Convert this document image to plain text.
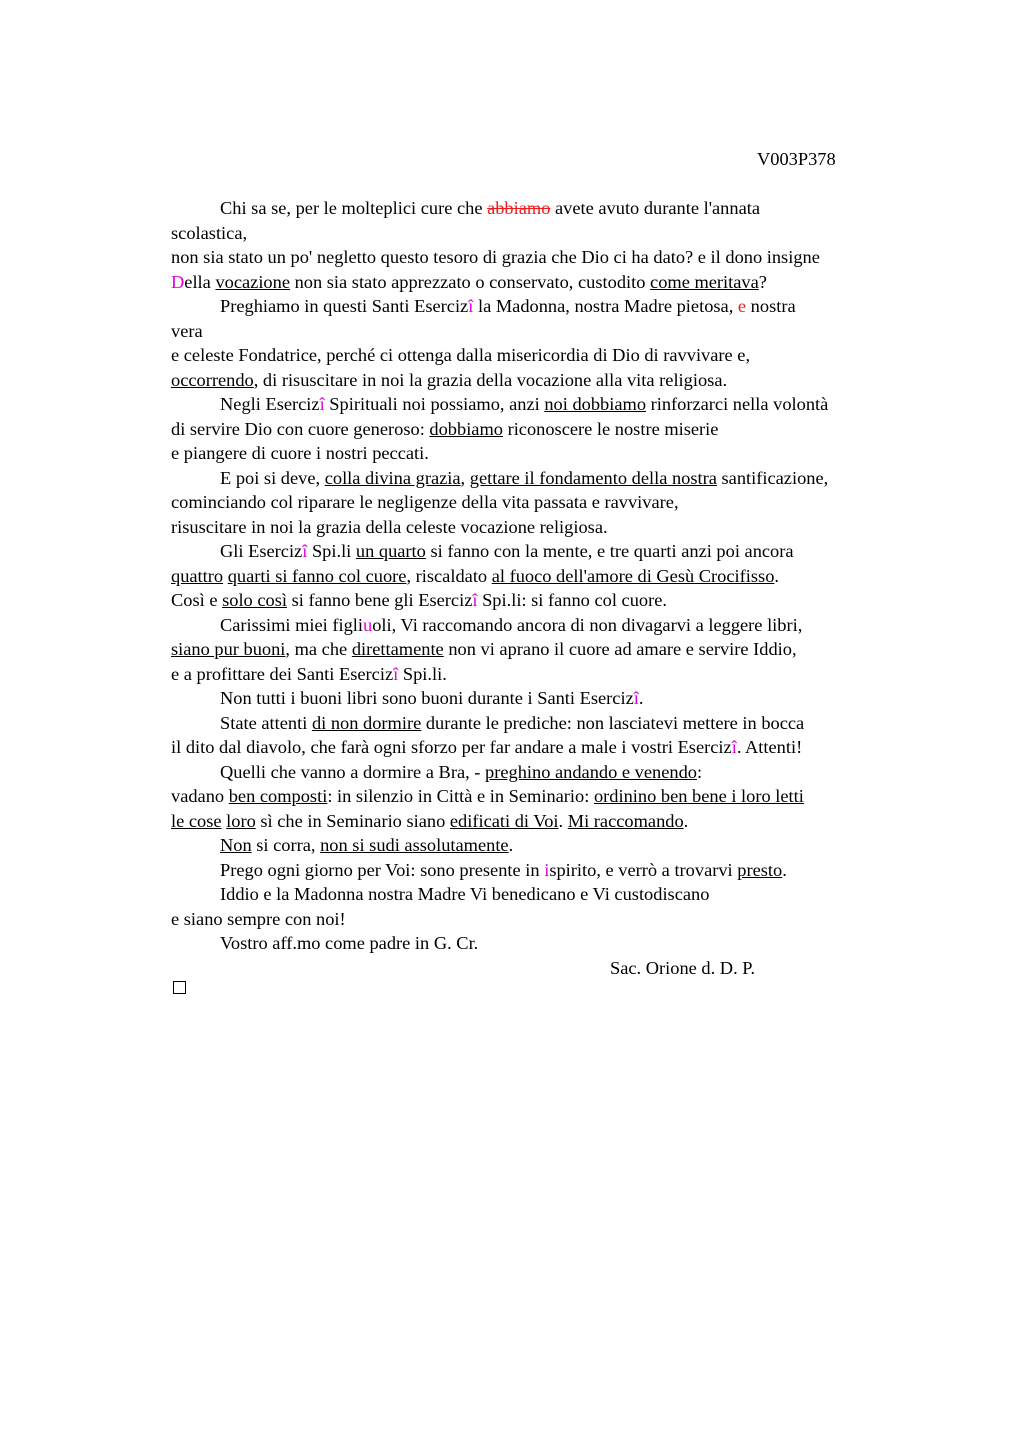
V003P378
Chi sa se, per le molteplici cure che abbiamo avete avuto durante l'annata
scolastica,
non sia stato un po' negletto questo tesoro di grazia che Dio ci ha dato? e il dono insigne
Della vocazione non sia stato apprezzato o conservato, custodito come meritava?
Preghiamo in questi Santi Esercizî la Madonna, nostra Madre pietosa, e nostra
vera
e celeste Fondatrice, perché ci ottenga dalla misericordia di Dio di ravvivare e,
occorrendo, di risuscitare in noi la grazia della vocazione alla vita religiosa.
Negli Esercizî Spirituali noi possiamo, anzi noi dobbiamo rinforzarci nella volontà
di servire Dio con cuore generoso: dobbiamo riconoscere le nostre miserie
e piangere di cuore i nostri peccati.
E poi si deve, colla divina grazia, gettare il fondamento della nostra santificazione,
cominciando col riparare le negligenze della vita passata e ravvivare,
risuscitare in noi la grazia della celeste vocazione religiosa.
Gli Esercizî Spi.li un quarto si fanno con la mente, e tre quarti anzi poi ancora
quattro quarti si fanno col cuore, riscaldato al fuoco dell'amore di Gesù Crocifisso.
Così e solo così si fanno bene gli Esercizî Spi.li: si fanno col cuore.
Carissimi miei figliuoli, Vi raccomando ancora di non divagarvi a leggere libri,
siano pur buoni, ma che direttamente non vi aprano il cuore ad amare e servire Iddio,
e a profittare dei Santi Esercizî Spi.li.
Non tutti i buoni libri sono buoni durante i Santi Esercizî.
State attenti di non dormire durante le prediche: non lasciatevi mettere in bocca
il dito dal diavolo, che farà ogni sforzo per far andare a male i vostri Esercizî. Attenti!
Quelli che vanno a dormire a Bra, - preghino andando e venendo:
vadano ben composti: in silenzio in Città e in Seminario: ordinino ben bene i loro letti
le cose loro sì che in Seminario siano edificati di Voi. Mi raccomando.
Non si corra, non si sudi assolutamente.
Prego ogni giorno per Voi: sono presente in ispirito, e verrò a trovarvi presto.
Iddio e la Madonna nostra Madre Vi benedicano e Vi custodiscano
e siano sempre con noi!
Vostro aff.mo come padre in G. Cr.
Sac. Orione d. D. P.
